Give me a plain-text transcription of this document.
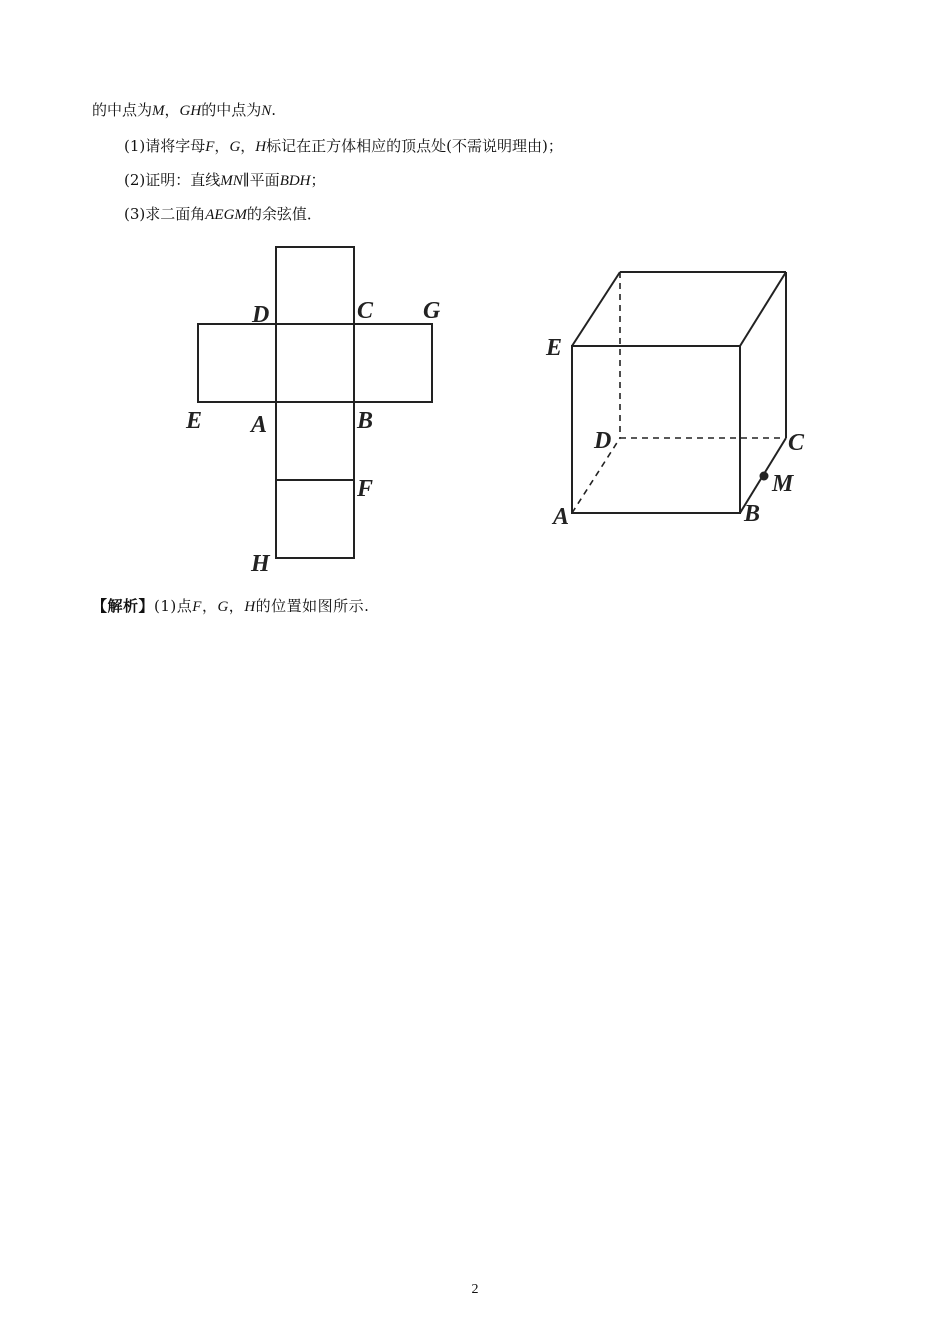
的中点为M，GH的中点为N.
(1)请将字母F，G，H标记在正方体相应的顶点处(不需说明理由)；
(2)证明：直线MN∥平面BDH；
(3)求二面角AEGM的余弦值．
D	C G
E A	B
F
H
E
D	C
M
A	B
【解析】(1)点F，G，H的位置如图所示.
2
